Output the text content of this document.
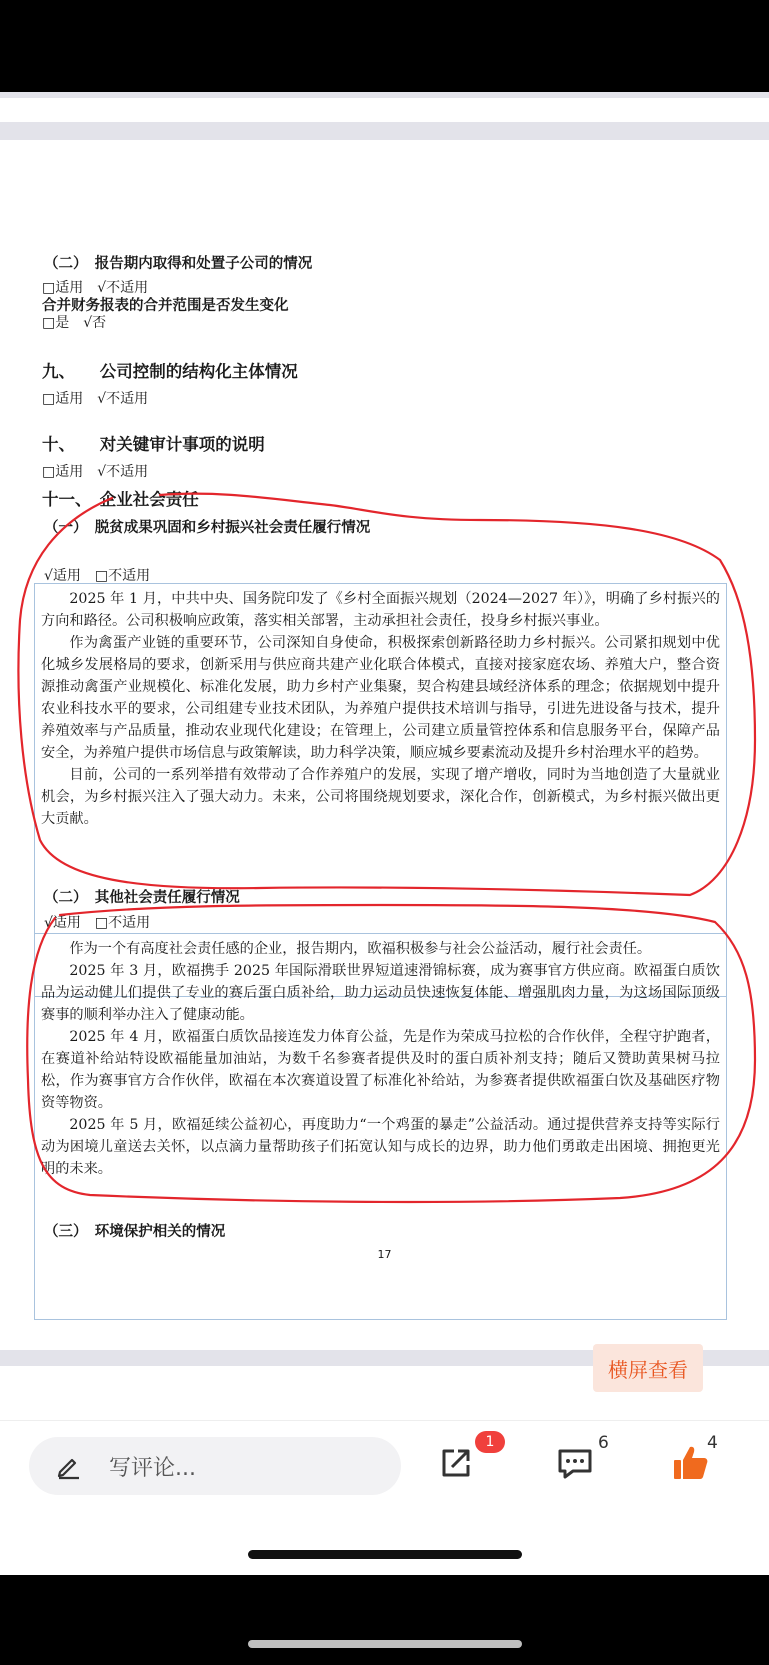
（二）　报告期内取得和处置子公司的情况
□适用　√不适用
合并财务报表的合并范围是否发生变化
□是　√否
九、　　公司控制的结构化主体情况
□适用　√不适用
十、　　对关键审计事项的说明
□适用　√不适用
十一、　企业社会责任
（一）　脱贫成果巩固和乡村振兴社会责任履行情况
√适用　□不适用

2025 年 1 月，中共中央、国务院印发了《乡村全面振兴规划（2024—2027 年）》，明确了乡村振兴的方向和路径。公司积极响应政策，落实相关部署，主动承担社会责任，投身乡村振兴事业。

作为禽蛋产业链的重要环节，公司深知自身使命，积极探索创新路径助力乡村振兴。公司紧扣规划中优化城乡发展格局的要求，创新采用与供应商共建产业化联合体模式，直接对接家庭农场、养殖大户，整合资源推动禽蛋产业规模化、标准化发展，助力乡村产业集聚，契合构建县域经济体系的理念；依据规划中提升农业科技水平的要求，公司组建专业技术团队，为养殖户提供技术培训与指导，引进先进设备与技术，提升养殖效率与产品质量，推动农业现代化建设；在管理上，公司建立质量管控体系和信息服务平台，保障产品安全，为养殖户提供市场信息与政策解读，助力科学决策，顺应城乡要素流动及提升乡村治理水平的趋势。

目前，公司的一系列举措有效带动了合作养殖户的发展，实现了增产增收，同时为当地创造了大量就业机会，为乡村振兴注入了强大动力。未来，公司将围绕规划要求，深化合作，创新模式，为乡村振兴做出更大贡献。

（二）　其他社会责任履行情况
√适用　□不适用

作为一个有高度社会责任感的企业，报告期内，欧福积极参与社会公益活动，履行社会责任。

2025 年 3 月，欧福携手 2025 年国际滑联世界短道速滑锦标赛，成为赛事官方供应商。欧福蛋白质饮品为运动健儿们提供了专业的赛后蛋白质补给，助力运动员快速恢复体能、增强肌肉力量，为这场国际顶级赛事的顺利举办注入了健康动能。

2025 年 4 月，欧福蛋白质饮品接连发力体育公益，先是作为荣成马拉松的合作伙伴，全程守护跑者，在赛道补给站特设欧福能量加油站，为数千名参赛者提供及时的蛋白质补剂支持；随后又赞助黄果树马拉松，作为赛事官方合作伙伴，欧福在本次赛道设置了标准化补给站，为参赛者提供欧福蛋白饮及基础医疗物资等物资。

2025 年 5 月，欧福延续公益初心，再度助力“一个鸡蛋的暴走”公益活动。通过提供营养支持等实际行动为困境儿童送去关怀，以点滴力量帮助孩子们拓宽认知与成长的边界，助力他们勇敢走出困境、拥抱更光明的未来。

（三）　环境保护相关的情况
17
横屏查看
写评论...
1	6	4
